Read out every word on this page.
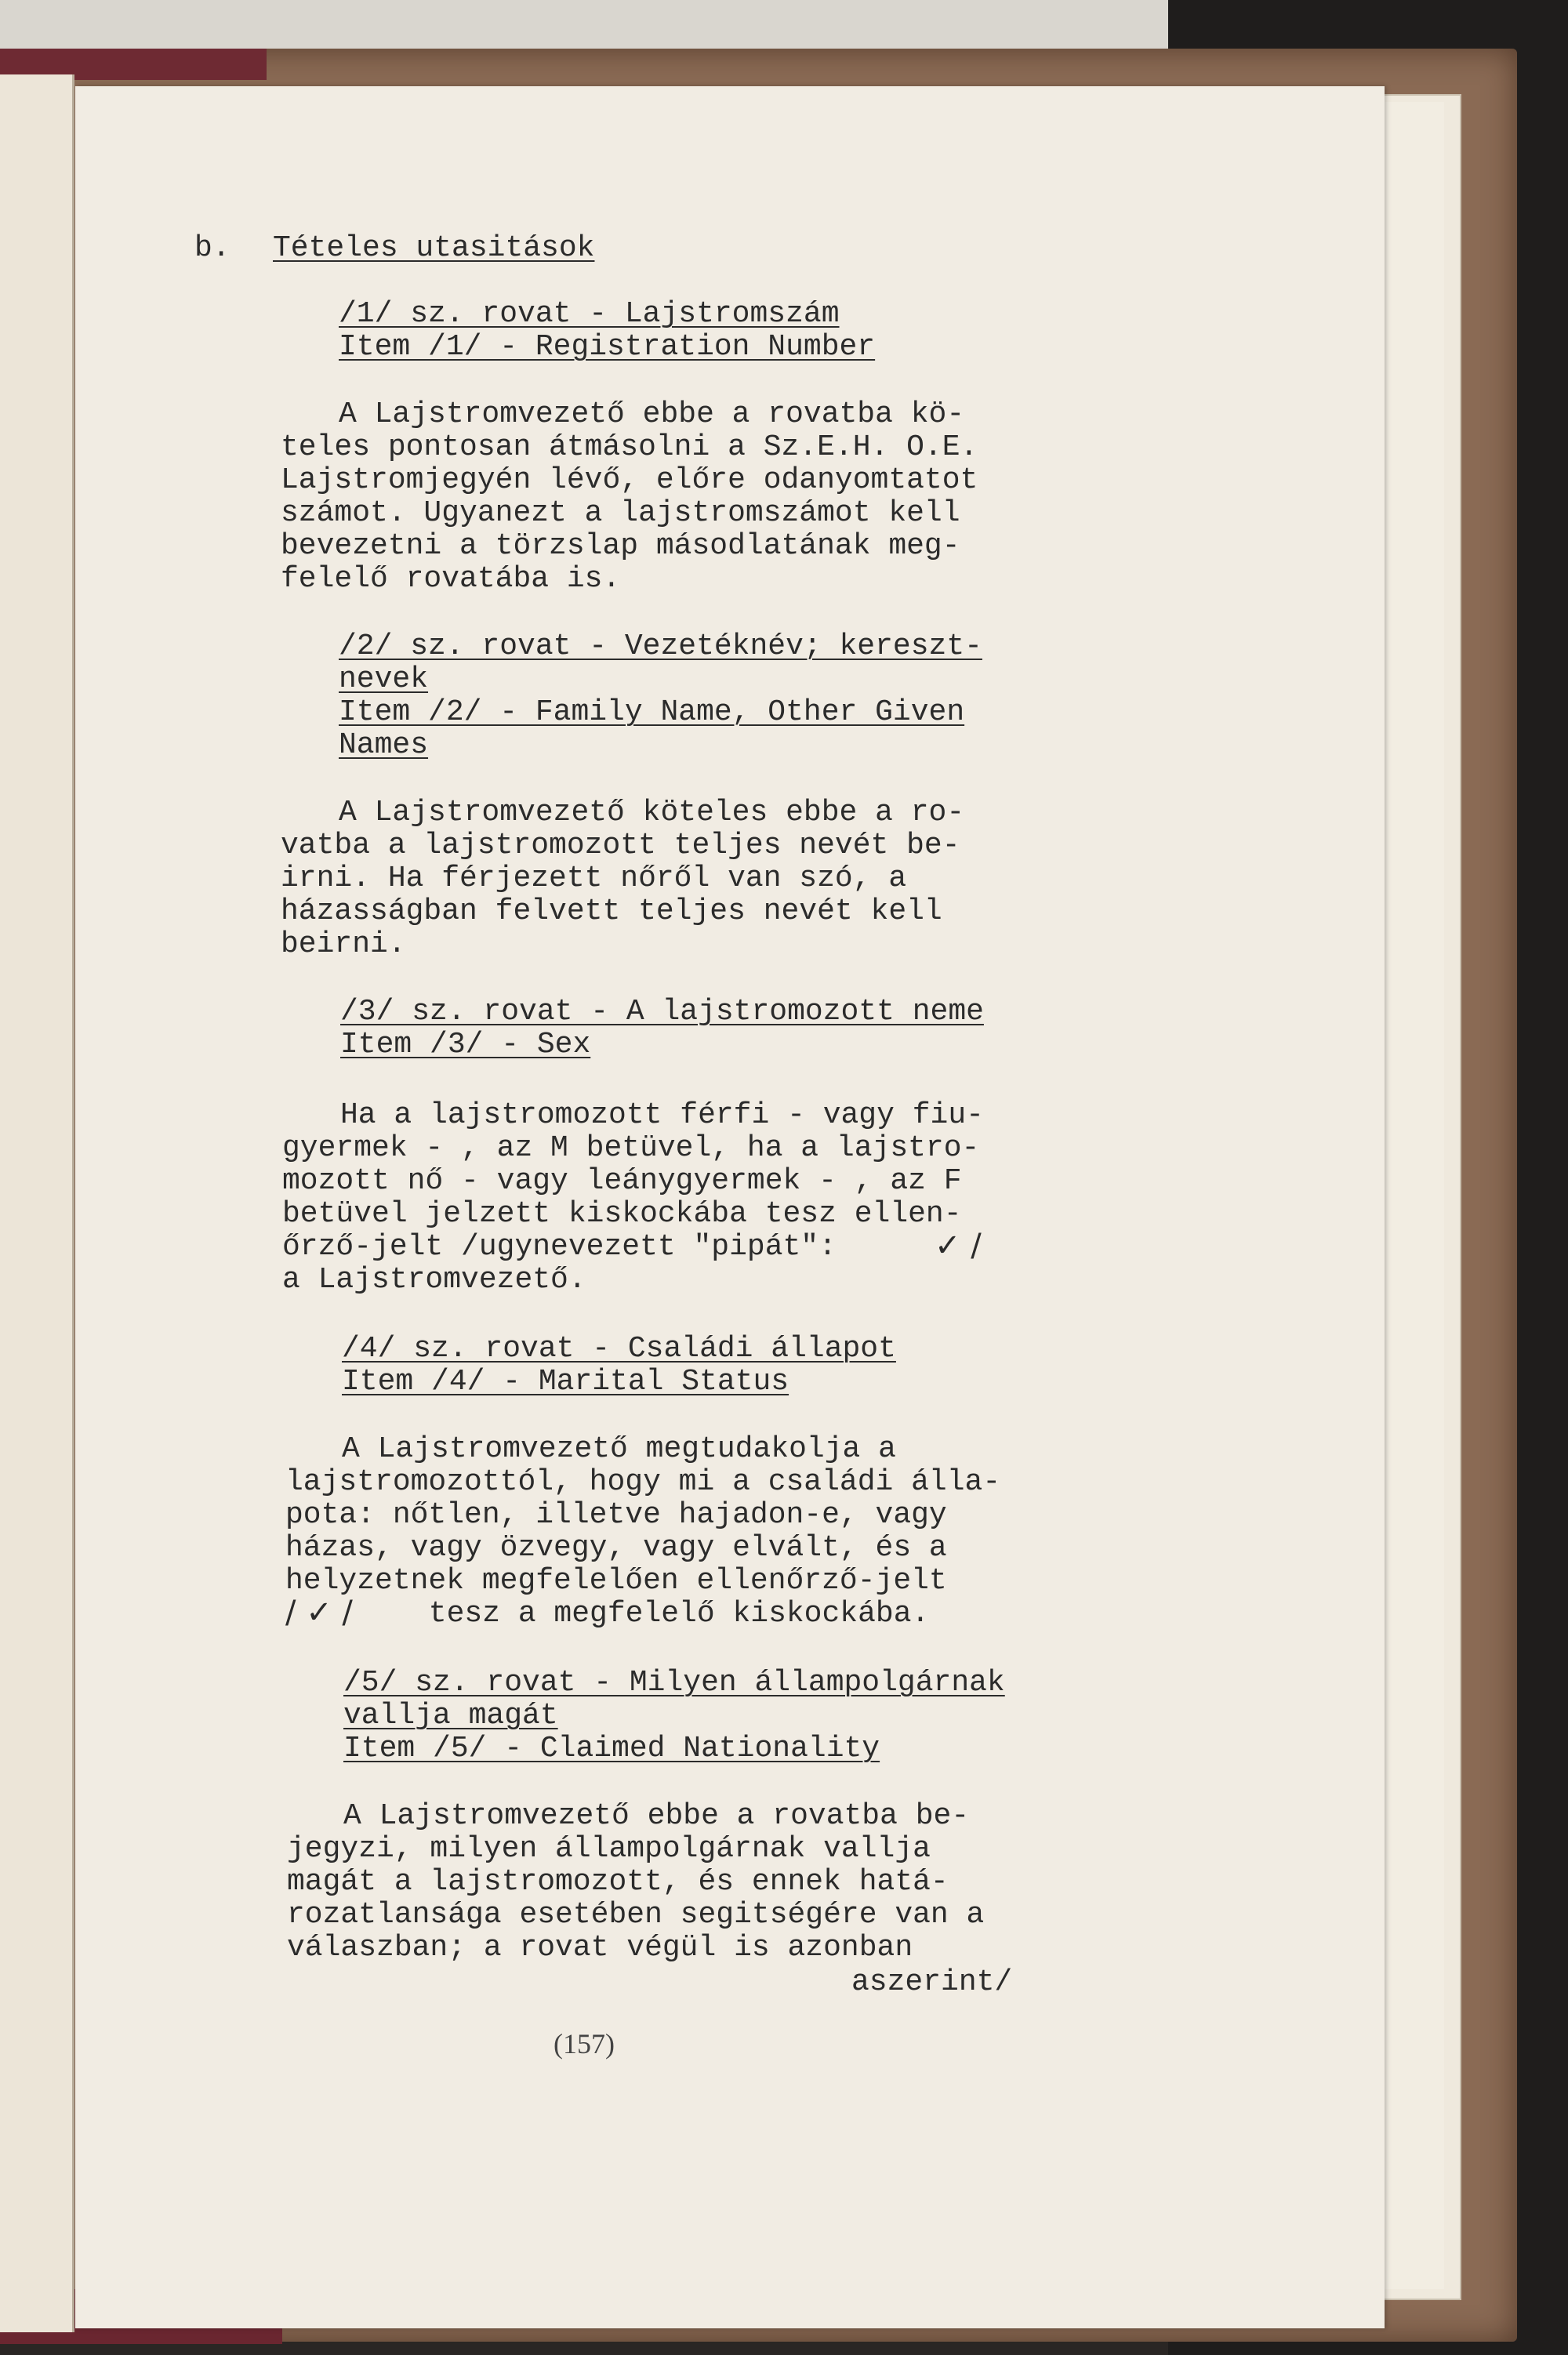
b. Tételes utasitások
/1/ sz. rovat - Lajstromszám
Item /1/ - Registration Number
A Lajstromvezető ebbe a rovatba kö-
teles pontosan átmásolni a Sz.E.H. O.E.
Lajstromjegyén lévő, előre odanyomtatot
számot. Ugyanezt a lajstromszámot kell
bevezetni a törzslap másodlatának meg-
felelő rovatába is.
/2/ sz. rovat - Vezetéknév; kereszt-
nevek
Item /2/ - Family Name, Other Given
Names
A Lajstromvezető köteles ebbe a ro-
vatba a lajstromozott teljes nevét be-
irni. Ha férjezett nőről van szó, a
házasságban felvett teljes nevét kell
beirni.
/3/ sz. rovat - A lajstromozott neme
Item /3/ - Sex
Ha a lajstromozott férfi - vagy fiu-
gyermek - , az M betüvel, ha a lajstro-
mozott nő - vagy leánygyermek - , az F
betüvel jelzett kiskockába tesz ellen-
őrző-jelt /ugynevezett "pipát":	✓ /
a Lajstromvezető.
/4/ sz. rovat - Családi állapot
Item /4/ - Marital Status
A Lajstromvezető megtudakolja a
lajstromozottól, hogy mi a családi álla-
pota: nőtlen, illetve hajadon-e, vagy
házas, vagy özvegy, vagy elvált, és a
helyzetnek megfelelően ellenőrző-jelt
/ ✓ / tesz a megfelelő kiskockába.
/5/ sz. rovat - Milyen állampolgárnak
vallja magát
Item /5/ - Claimed Nationality
A Lajstromvezető ebbe a rovatba be-
jegyzi, milyen állampolgárnak vallja
magát a lajstromozott, és ennek hatá-
rozatlansága esetében segitségére van a
válaszban; a rovat végül is azonban
aszerint/
(157)
